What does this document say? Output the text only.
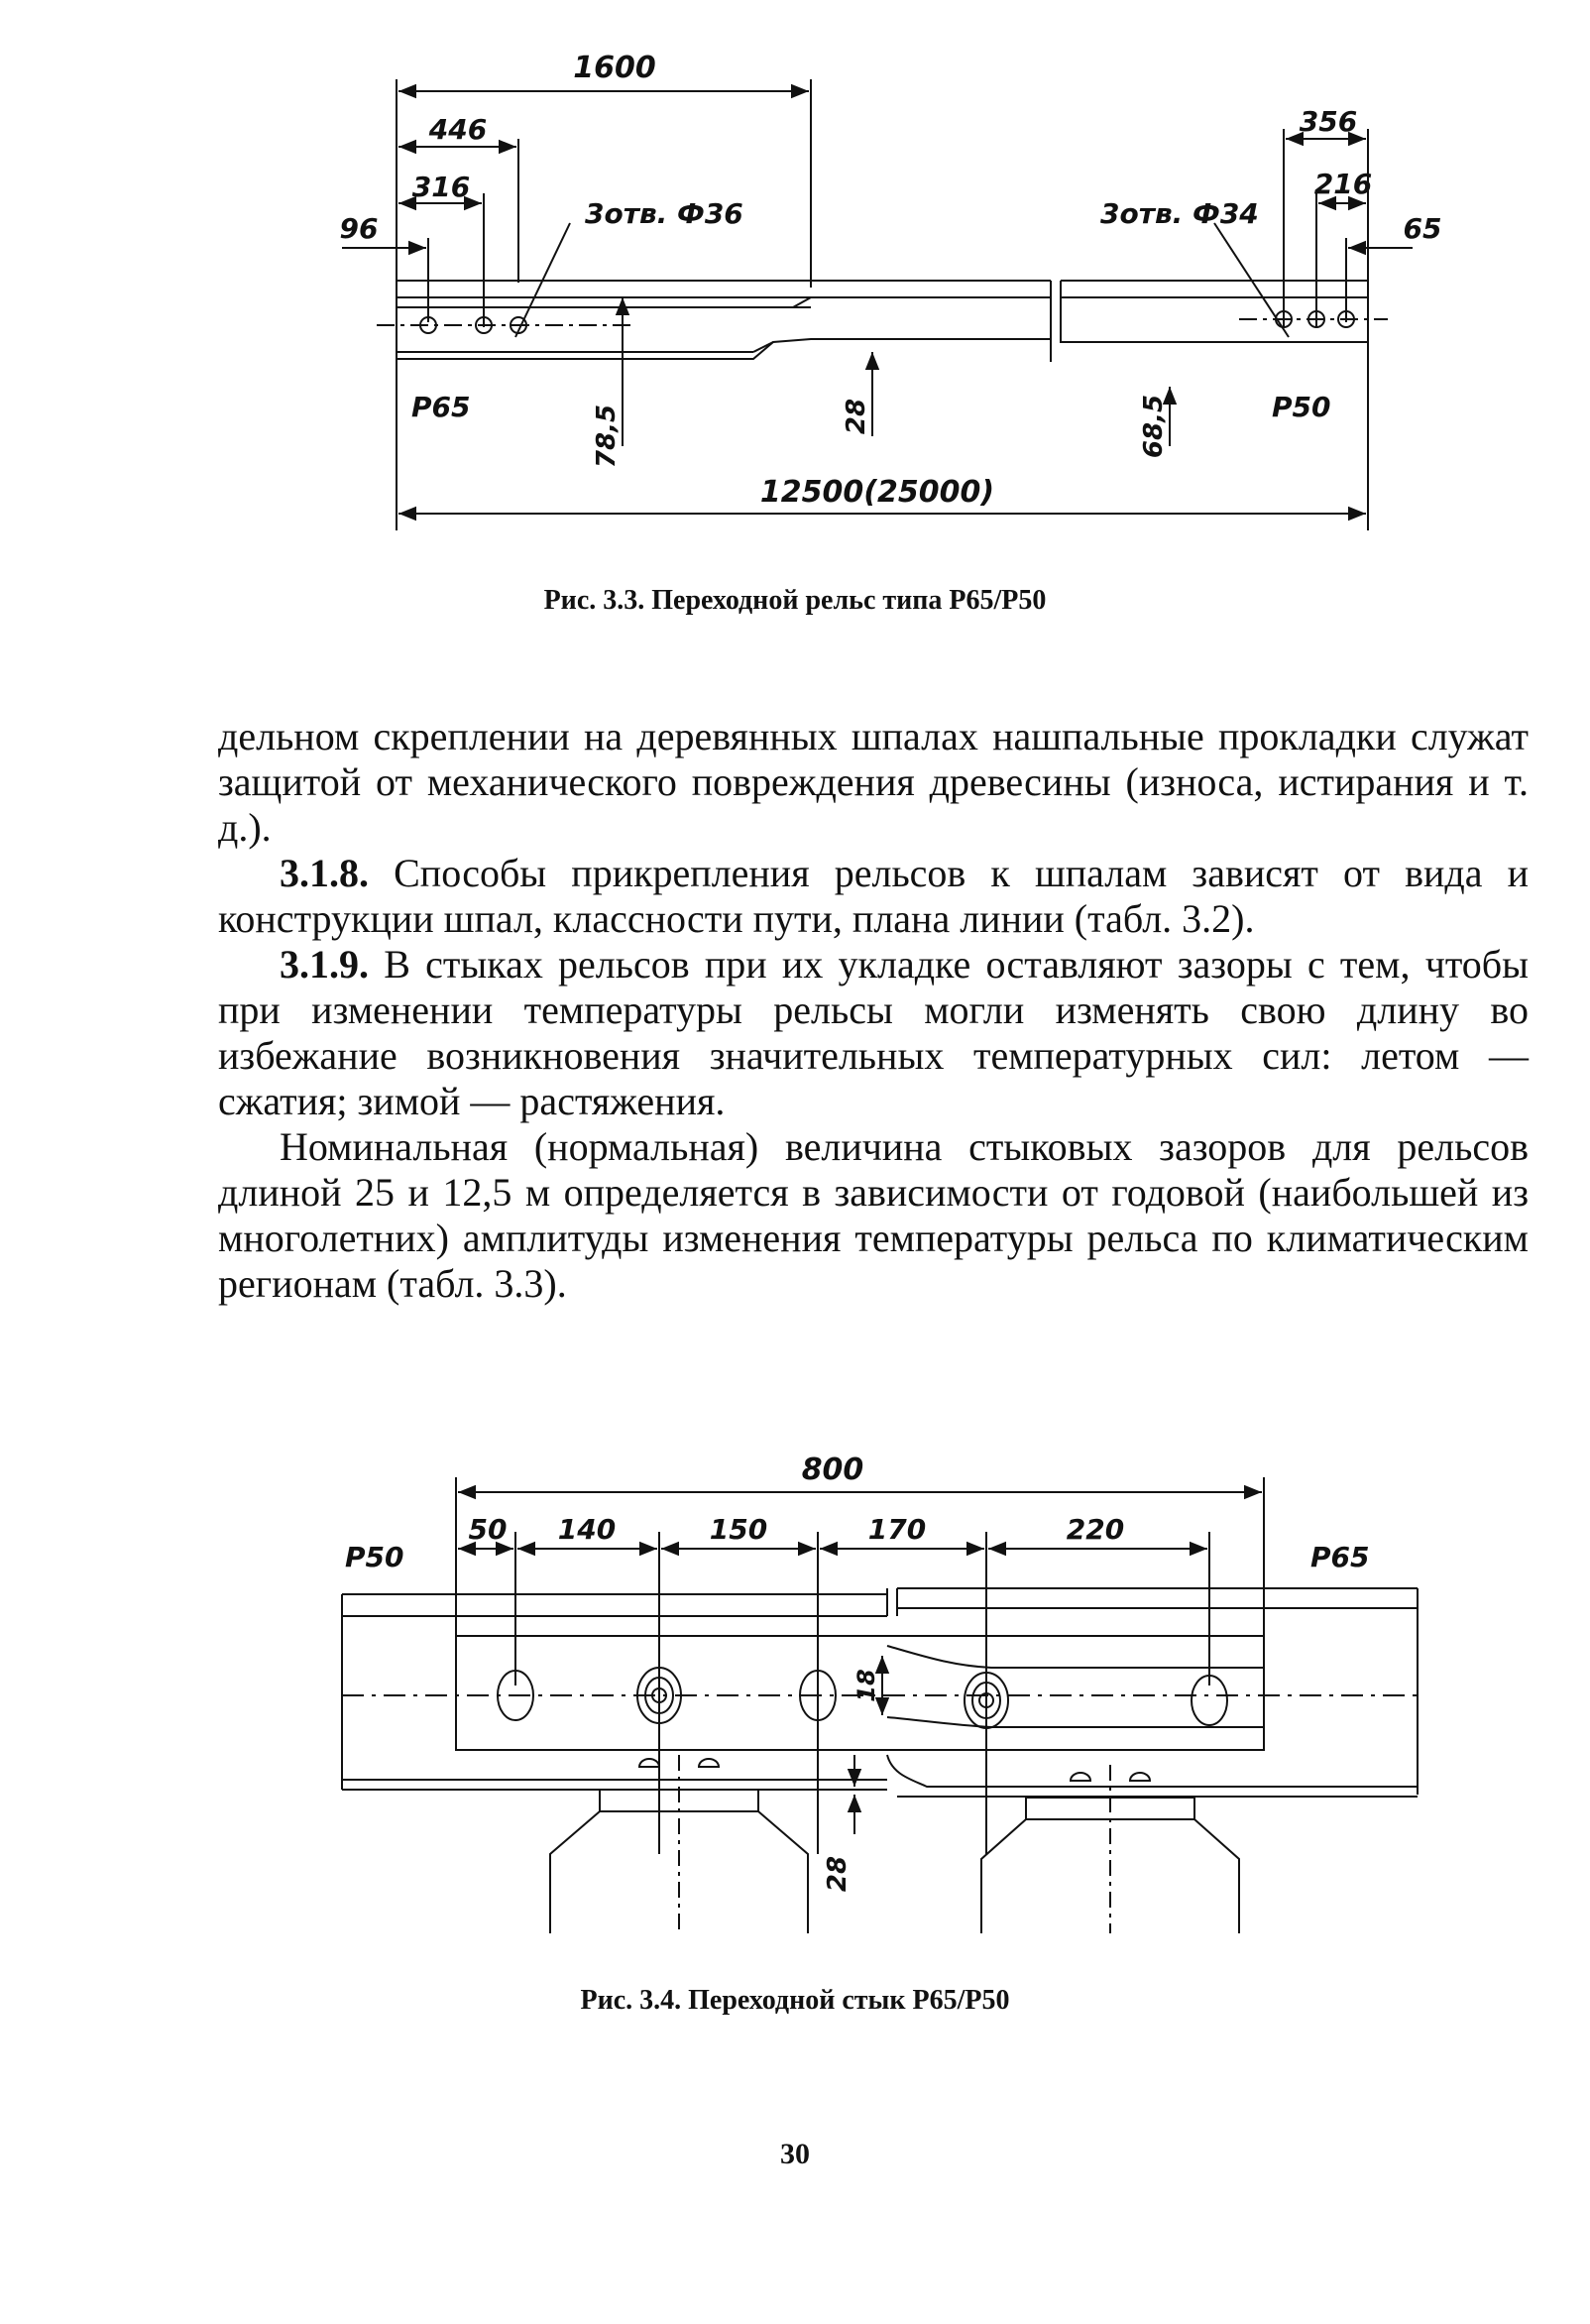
1600
446
316
96
356
216
65
12500(25000)
3отв. Ф36	3отв. Ф34
Р65	Р50
78,5	28	68,5
Рис. 3.3. Переходной рельс типа Р65/Р50

дельном скреплении на деревянных шпалах нашпальные прокладки служат защитой от механического повреждения древесины (износа, истирания и т. д.).

3.1.8. Способы прикрепления рельсов к шпалам зависят от вида и конструкции шпал, классности пути, плана линии (табл. 3.2).

3.1.9. В стыках рельсов при их укладке оставляют зазоры с тем, чтобы при изменении температуры рельсы могли изменять свою длину во избежание возникновения значительных температурных сил: летом — сжатия; зимой — растяжения.

Номинальная (нормальная) величина стыковых зазоров для рельсов длиной 25 и 12,5 м определяется в зависимости от годовой (наибольшей из многолетних) амплитуды изменения температуры рельса по климатическим регионам (табл. 3.3).

800
50 140	150	170	220
Р50	Р65
18
28
Рис. 3.4. Переходной стык Р65/Р50
30
